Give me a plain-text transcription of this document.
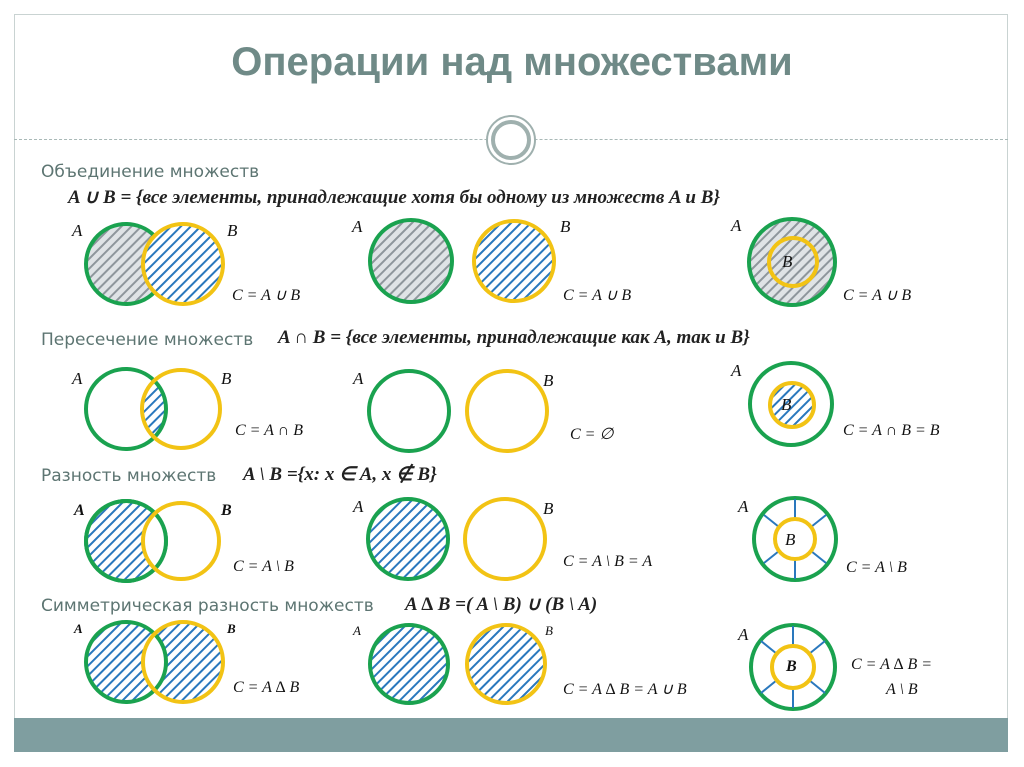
Операции над множествами
Объединение множеств
A ∪ B = {все элементы, принадлежащие хотя бы одному из множеств A и B}
Пересечение множеств A ∩ B = {все элементы, принадлежащие как A, так и B}
Разность множеств A \ B ={x: x ∈ A, x ∉ B}
Симметрическая разность множеств A ∆ B =( A \ B) ∪ (B \ A)
A	B	A	B	A
B
A	B	A	B
A
B
A	B	A	B	A
B
A	B	A	B	A
B
C = A ∪ B	C = A ∪ B	C = A ∪ B
C = A ∩ B	C = ∅	C = A ∩ B = B
C = A \ B	C = A \ B = A	C = A \ B
C = A ∆ B	C = A ∆ B = A ∪ B
C = A ∆ B =
A \ B
